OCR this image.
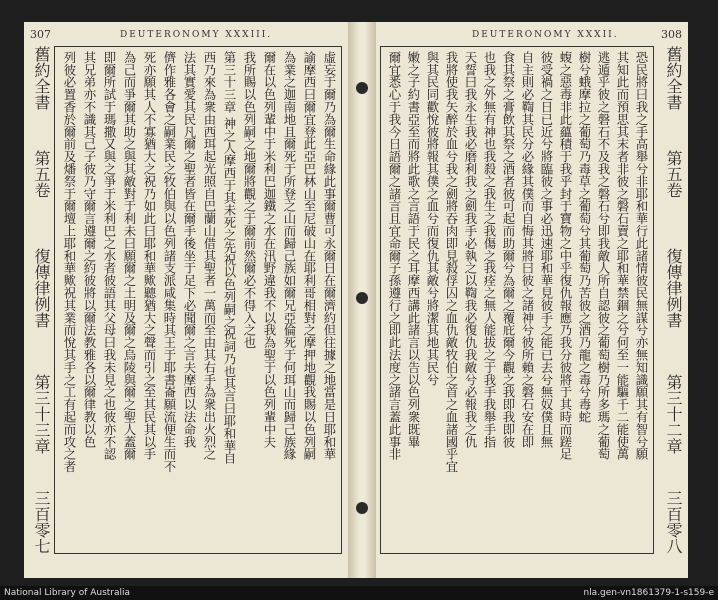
307	DEUTERONOMY XXXIII.
舊約全書
第五卷
復傳律例書
第三十三章
三百零七
虛妄于爾乃為爾生命緣此事爾曹可永爾日在爾濟約但往據之地當是日耶和華
諭摩西曰爾宜登此亞巴林山至尼破山在耶利哥相對之摩押地觀我賜以色列嗣
為業之迦南地且爾死于所登之山而歸己族如爾兄亞倫死于何珥山而歸己族緣
爾在以色列輩中于米利巴迦鐵之水在汛野違我不以我為聖于以色列輩中夫
我所賜以色列嗣之地爾將觀之于爾前然爾必不得入之也
第三十三章 神之人摩西于其未死之先祝以色列嗣之祝詞乃也其言曰耶和華自
西乃來為衆由西珥起光照自巴蘭山借其聖者一萬而至由其右手為衆出火烈之
法其實愛其民凡爾之聖者皆在爾手後坐于足下必聞爾之言夫摩西以法命我
儕作雅各會之嗣業民之牧伯與以色列諸支派咸集時其王于耶書崙願流便生而不
死亦願其人不寡猶大之祝乃如此曰耶和華歟聽猶大之聲而引之至其民其以手
為己而爭爾其助之與其敵對于利未曰願爾之土明及爾之烏陵與爾之聖人蓋爾
即爾所試于瑪撒又與之爭于米利巴之水者彼語其父母曰我未見之也彼亦不認
其兄弟亦不識其己子彼乃守爾言遵爾之約彼將以爾法教雅各以爾律教以色
列彼必置香於爾前及燔祭于爾壇上耶和華歟祝其業而悅其手之工有起而攻之者
308
DEUTERONOMY XXXII.
恐民將曰我之手高舉兮非耶和華行此諸情彼民無謀兮亦無知識願其有智兮願
其知此而預思其末者非彼之磐石賣之耶和華禁錮之兮何至一能驅千二能使萬
逃遁乎彼之磐石不及我之磐石兮即我敵人所自認彼之葡萄樹乃所多瑪之葡萄
樹兮蛾摩拉之葡萄乃毒草之葡萄兮其葡萄乃苦彼之酒乃龍之毒兮毒蛇
蝮之惡毒非此蘊積于我乎封于寶物之中乎復仇報應乃我分彼將于其時而蹉足
彼受禍之日已近兮將臨彼之事必迅速耶和華見彼手之能已去兮無奴僕且無
自主則必鞫其民分必緣其僕而自悔其將曰彼之諸神兮彼所賴之磐石安在即
食其祭之膏飲其祭之酒者彼可起而助爾兮為爾之覆庇爾今觀之我即我即彼
也我之外無有神也我殺之我生之我傷之我痊之無人能拔之于我手我舉手指
天誓曰我永生我必磨利我之劍我手必執之以鞫我必復仇我敵兮必報我之仇
我將使我矢醉於血兮我之劍將吞肉即見殺俘囚之血仇敵牧伯之首之血諸國乎宜
與其民同歡悅彼將報其僕之血兮而復仇其敵兮將潔其地其民兮
嫩之子約書亞至而將此歌之言語于民之耳摩西講此諸言以告以色列衆既畢
爾宜悉心于我今日語爾之諸言且宜命爾子孫遵行之即此法度之諸言蓋此事非	舊約全書
第五卷
復傳律例書
第三十二章
三百零八
National Library of Australia	nla.gen-vn1861379-1-s159-e
